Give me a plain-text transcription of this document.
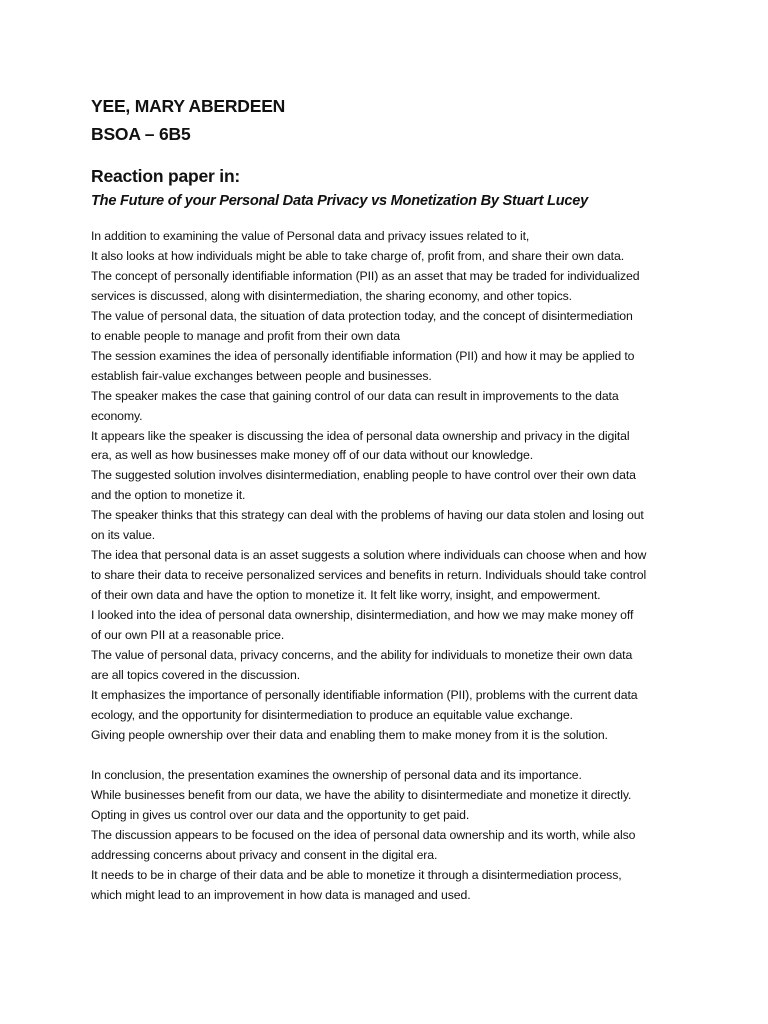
YEE, MARY ABERDEEN

BSOA – 6B5

Reaction paper in:

The Future of your Personal Data Privacy vs Monetization By Stuart Lucey

In addition to examining the value of Personal data and privacy issues related to it,
It also looks at how individuals might be able to take charge of, profit from, and share their own data.
The concept of personally identifiable information (PII) as an asset that may be traded for individualized
services is discussed, along with disintermediation, the sharing economy, and other topics.
The value of personal data, the situation of data protection today, and the concept of disintermediation
to enable people to manage and profit from their own data
The session examines the idea of personally identifiable information (PII) and how it may be applied to
establish fair-value exchanges between people and businesses.
The speaker makes the case that gaining control of our data can result in improvements to the data
economy.
It appears like the speaker is discussing the idea of personal data ownership and privacy in the digital
era, as well as how businesses make money off of our data without our knowledge.
The suggested solution involves disintermediation, enabling people to have control over their own data
and the option to monetize it.
The speaker thinks that this strategy can deal with the problems of having our data stolen and losing out
on its value.
The idea that personal data is an asset suggests a solution where individuals can choose when and how
to share their data to receive personalized services and benefits in return. Individuals should take control
of their own data and have the option to monetize it. It felt like worry, insight, and empowerment.
I looked into the idea of personal data ownership, disintermediation, and how we may make money off
of our own PII at a reasonable price.
The value of personal data, privacy concerns, and the ability for individuals to monetize their own data
are all topics covered in the discussion.
It emphasizes the importance of personally identifiable information (PII), problems with the current data
ecology, and the opportunity for disintermediation to produce an equitable value exchange.
Giving people ownership over their data and enabling them to make money from it is the solution.
In conclusion, the presentation examines the ownership of personal data and its importance.
While businesses benefit from our data, we have the ability to disintermediate and monetize it directly.
Opting in gives us control over our data and the opportunity to get paid.
The discussion appears to be focused on the idea of personal data ownership and its worth, while also
addressing concerns about privacy and consent in the digital era.
It needs to be in charge of their data and be able to monetize it through a disintermediation process,
which might lead to an improvement in how data is managed and used.
